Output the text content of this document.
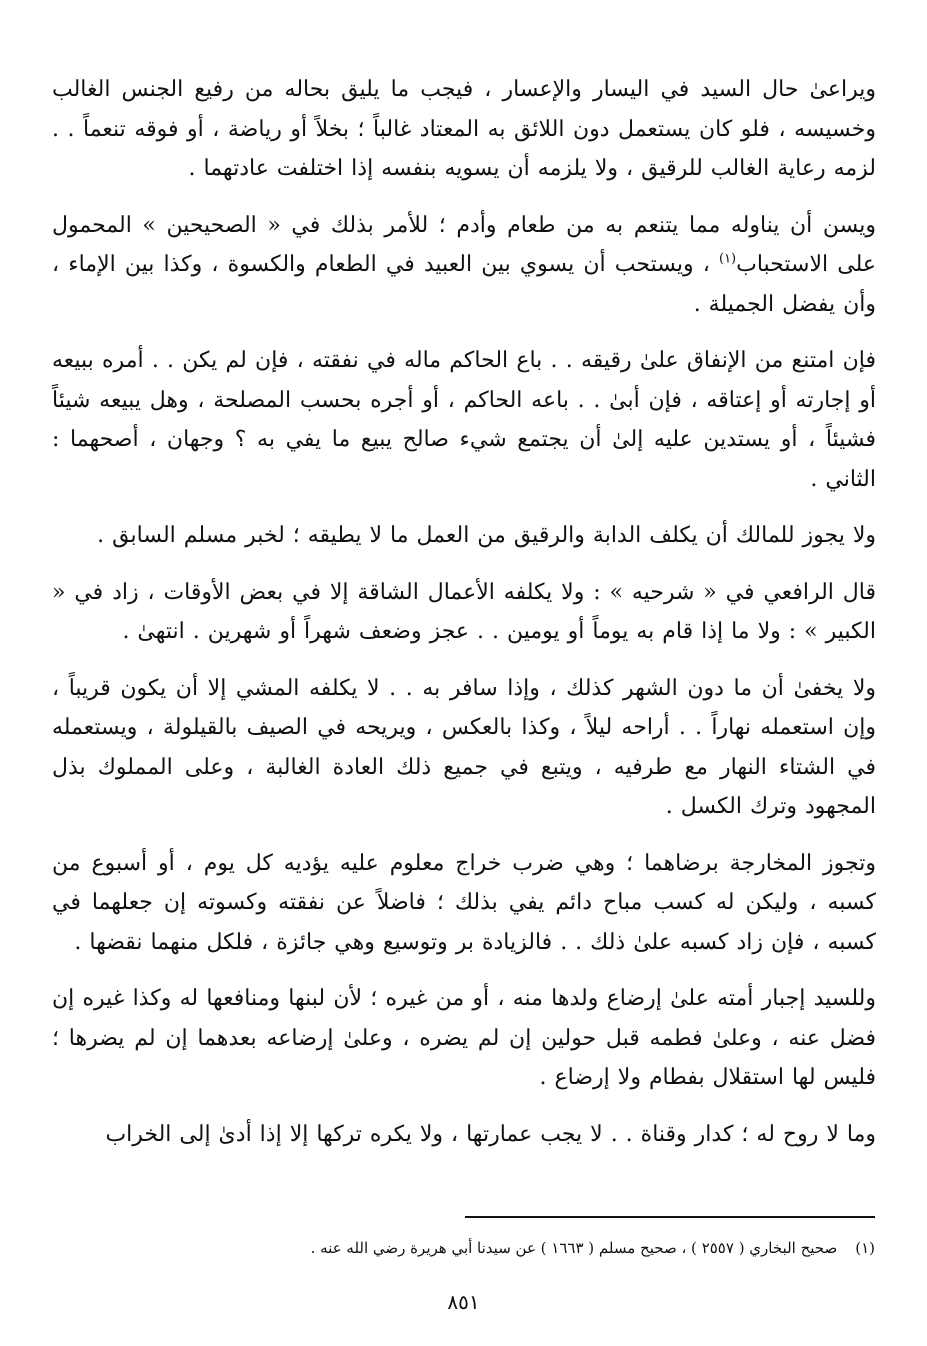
ويراعىٰ حال السيد في اليسار والإعسار ، فيجب ما يليق بحاله من رفيع الجنس الغالب وخسيسه ، فلو كان يستعمل دون اللائق به المعتاد غالباً ؛ بخلاً أو رياضة ، أو فوقه تنعماً . . لزمه رعاية الغالب للرقيق ، ولا يلزمه أن يسويه بنفسه إذا اختلفت عادتهما .

ويسن أن يناوله مما يتنعم به من طعام وأدم ؛ للأمر بذلك في « الصحيحين » المحمول على الاستحباب$^{(١)}$ ، ويستحب أن يسوي بين العبيد في الطعام والكسوة ، وكذا بين الإماء ، وأن يفضل الجميلة .

فإن امتنع من الإنفاق علىٰ رقيقه . . باع الحاكم ماله في نفقته ، فإن لم يكن . . أمره ببيعه أو إجارته أو إعتاقه ، فإن أبىٰ . . باعه الحاكم ، أو أجره بحسب المصلحة ، وهل يبيعه شيئاً فشيئاً ، أو يستدين عليه إلىٰ أن يجتمع شيء صالح يبيع ما يفي به ؟ وجهان ، أصحهما : الثاني .

ولا يجوز للمالك أن يكلف الدابة والرقيق من العمل ما لا يطيقه ؛ لخبر مسلم السابق .

قال الرافعي في « شرحيه » : ولا يكلفه الأعمال الشاقة إلا في بعض الأوقات ، زاد في « الكبير » : ولا ما إذا قام به يوماً أو يومين . . عجز وضعف شهراً أو شهرين . انتهىٰ .

ولا يخفىٰ أن ما دون الشهر كذلك ، وإذا سافر به . . لا يكلفه المشي إلا أن يكون قريباً ، وإن استعمله نهاراً . . أراحه ليلاً ، وكذا بالعكس ، ويريحه في الصيف بالقيلولة ، ويستعمله في الشتاء النهار مع طرفيه ، ويتبع في جميع ذلك العادة الغالبة ، وعلى المملوك بذل المجهود وترك الكسل .

وتجوز المخارجة برضاهما ؛ وهي ضرب خراج معلوم عليه يؤديه كل يوم ، أو أسبوع من كسبه ، وليكن له كسب مباح دائم يفي بذلك ؛ فاضلاً عن نفقته وكسوته إن جعلهما في كسبه ، فإن زاد كسبه علىٰ ذلك . . فالزيادة بر وتوسيع وهي جائزة ، فلكل منهما نقضها .

وللسيد إجبار أمته علىٰ إرضاع ولدها منه ، أو من غيره ؛ لأن لبنها ومنافعها له وكذا غيره إن فضل عنه ، وعلىٰ فطمه قبل حولين إن لم يضره ، وعلىٰ إرضاعه بعدهما إن لم يضرها ؛ فليس لها استقلال بفطام ولا إرضاع .

وما لا روح له ؛ كدار وقناة . . لا يجب عمارتها ، ولا يكره تركها إلا إذا أدىٰ إلى الخراب

(١)صحيح البخاري ( ٢٥٥٧ ) ، صحيح مسلم ( ١٦٦٣ ) عن سيدنا أبي هريرة رضي الله عنه .
٨٥١
